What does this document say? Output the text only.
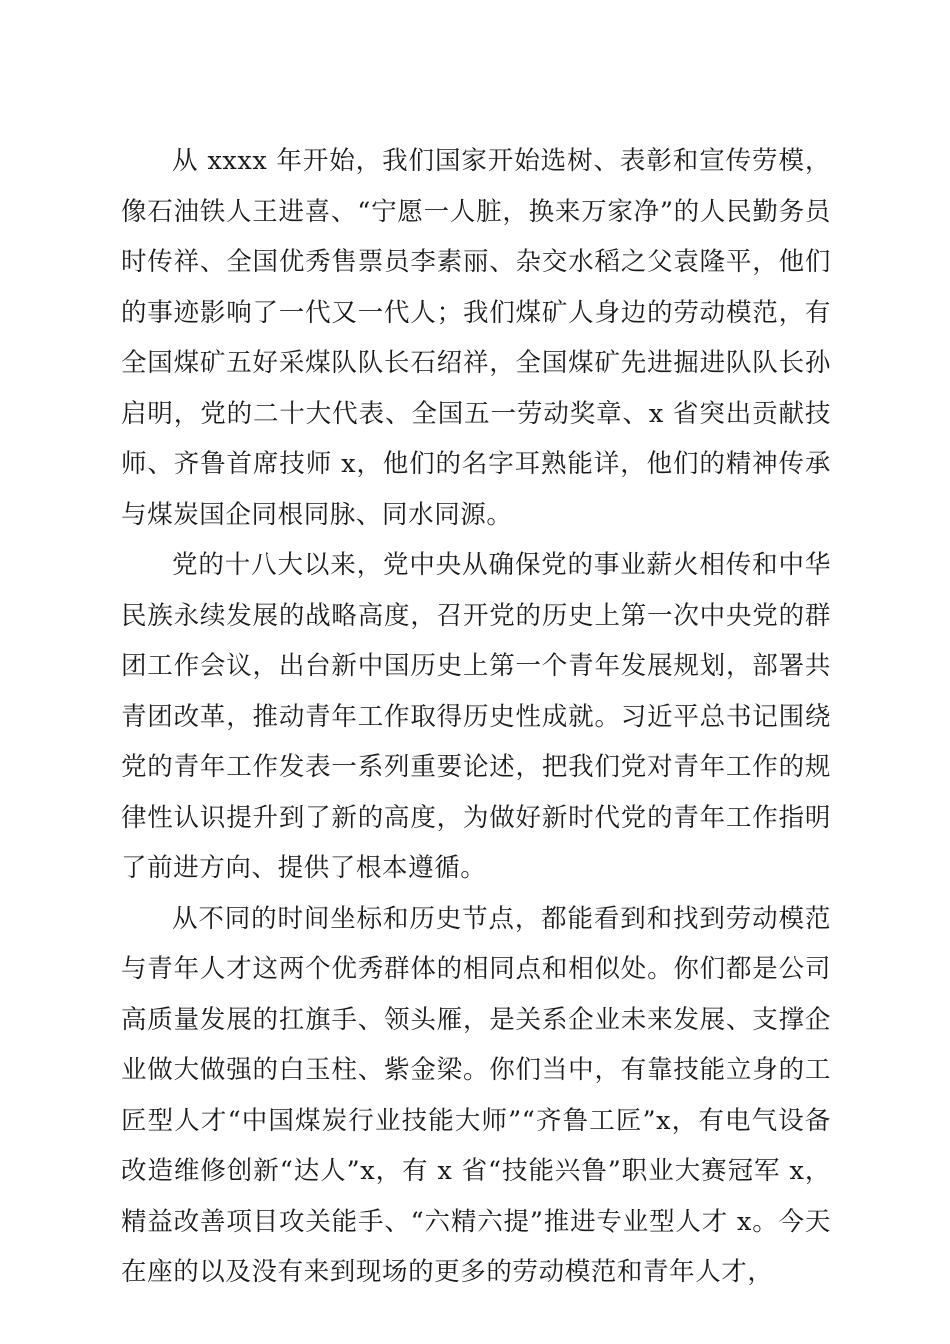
从 xxxx 年开始，我们国家开始选树、表彰和宣传劳模，像石油铁人王进喜、“宁愿一人脏，换来万家净”的人民勤务员时传祥、全国优秀售票员李素丽、杂交水稻之父袁隆平，他们的事迹影响了一代又一代人；我们煤矿人身边的劳动模范，有全国煤矿五好采煤队队长石绍祥，全国煤矿先进掘进队队长孙启明，党的二十大代表、全国五一劳动奖章、x 省突出贡献技师、齐鲁首席技师 x，他们的名字耳熟能详，他们的精神传承与煤炭国企同根同脉、同水同源。

党的十八大以来，党中央从确保党的事业薪火相传和中华民族永续发展的战略高度，召开党的历史上第一次中央党的群团工作会议，出台新中国历史上第一个青年发展规划，部署共青团改革，推动青年工作取得历史性成就。习近平总书记围绕党的青年工作发表一系列重要论述，把我们党对青年工作的规律性认识提升到了新的高度，为做好新时代党的青年工作指明了前进方向、提供了根本遵循。

从不同的时间坐标和历史节点，都能看到和找到劳动模范与青年人才这两个优秀群体的相同点和相似处。你们都是公司高质量发展的扛旗手、领头雁，是关系企业未来发展、支撑企业做大做强的白玉柱、紫金梁。你们当中，有靠技能立身的工匠型人才“中国煤炭行业技能大师”“齐鲁工匠”x，有电气设备改造维修创新“达人”x，有 x 省“技能兴鲁”职业大赛冠军 x，精益改善项目攻关能手、“六精六提”推进专业型人才 x。今天在座的以及没有来到现场的更多的劳动模范和青年人才，
